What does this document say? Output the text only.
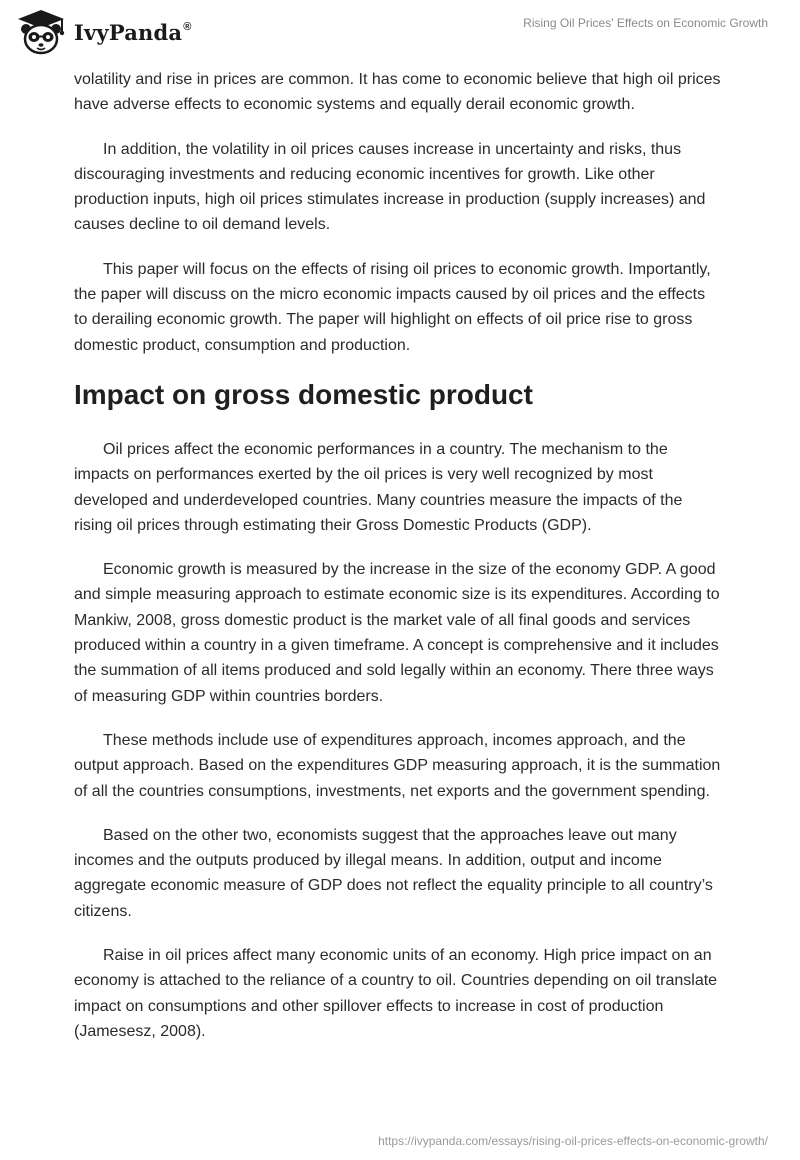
IvyPanda®	Rising Oil Prices' Effects on Economic Growth

volatility and rise in prices are common. It has come to economic believe that high oil prices have adverse effects to economic systems and equally derail economic growth.

In addition, the volatility in oil prices causes increase in uncertainty and risks, thus discouraging investments and reducing economic incentives for growth. Like other production inputs, high oil prices stimulates increase in production (supply increases) and causes decline to oil demand levels.

This paper will focus on the effects of rising oil prices to economic growth. Importantly, the paper will discuss on the micro economic impacts caused by oil prices and the effects to derailing economic growth. The paper will highlight on effects of oil price rise to gross domestic product, consumption and production.

Impact on gross domestic product

Oil prices affect the economic performances in a country. The mechanism to the impacts on performances exerted by the oil prices is very well recognized by most developed and underdeveloped countries. Many countries measure the impacts of the rising oil prices through estimating their Gross Domestic Products (GDP).

Economic growth is measured by the increase in the size of the economy GDP. A good and simple measuring approach to estimate economic size is its expenditures. According to Mankiw, 2008, gross domestic product is the market vale of all final goods and services produced within a country in a given timeframe. A concept is comprehensive and it includes the summation of all items produced and sold legally within an economy. There three ways of measuring GDP within countries borders.

These methods include use of expenditures approach, incomes approach, and the output approach. Based on the expenditures GDP measuring approach, it is the summation of all the countries consumptions, investments, net exports and the government spending.

Based on the other two, economists suggest that the approaches leave out many incomes and the outputs produced by illegal means. In addition, output and income aggregate economic measure of GDP does not reflect the equality principle to all country’s citizens.

Raise in oil prices affect many economic units of an economy. High price impact on an economy is attached to the reliance of a country to oil. Countries depending on oil translate impact on consumptions and other spillover effects to increase in cost of production (Jamesesz, 2008).

https://ivypanda.com/essays/rising-oil-prices-effects-on-economic-growth/
